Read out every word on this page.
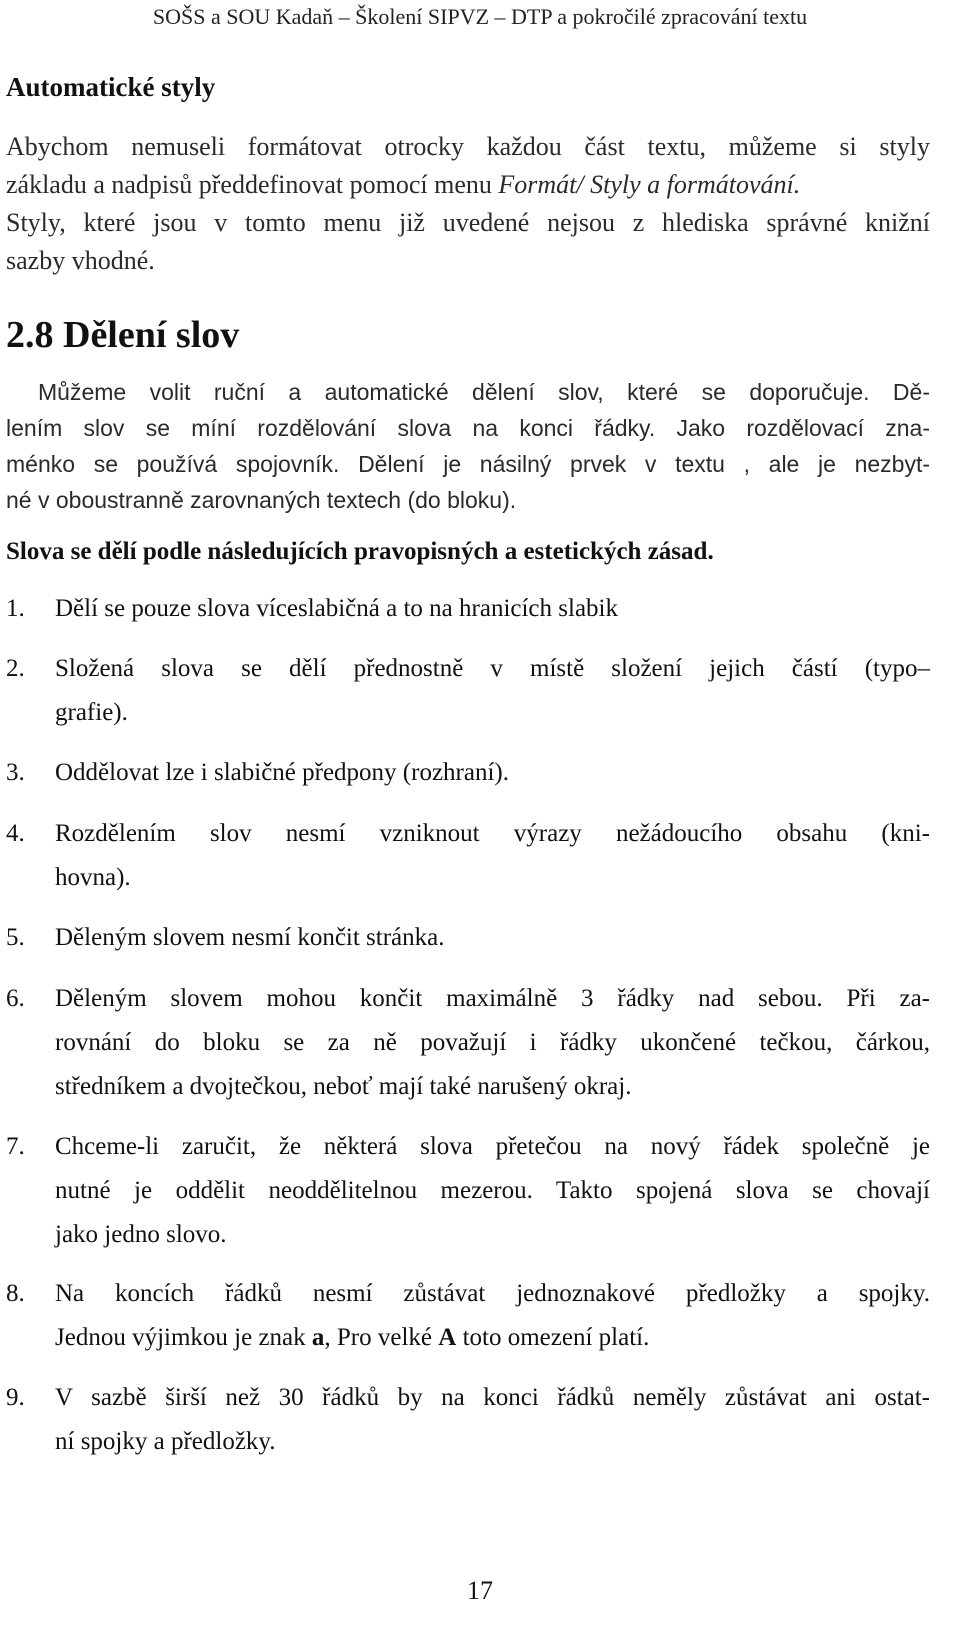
SOŠS a SOU Kadaň – Školení SIPVZ – DTP a pokročilé zpracování textu
Automatické styly
Abychom nemuseli formátovat otrocky každou část textu, můžeme si styly
základu a nadpisů předdefinovat pomocí menu Formát/ Styly a formátování.
Styly, které jsou v tomto menu již uvedené nejsou z hlediska správné knižní
sazby vhodné.
2.8 Dělení slov
Můžeme volit ruční a automatické dělení slov, které se doporučuje. Dě-
lením slov se míní rozdělování slova na konci řádky. Jako rozdělovací zna-
ménko se používá spojovník. Dělení je násilný prvek v textu , ale je nezbyt-
né v oboustranně zarovnaných textech (do bloku).
Slova se dělí podle následujících pravopisných a estetických zásad.
1.	Dělí se pouze slova víceslabičná a to na hranicích slabik
2.	Složená slova se dělí přednostně v místě složení jejich částí (typo–
grafie).
3.	Oddělovat lze i slabičné předpony (rozhraní).
4.	Rozdělením slov nesmí vzniknout výrazy nežádoucího obsahu (kni-
hovna).
5.	Děleným slovem nesmí končit stránka.
6.	Děleným slovem mohou končit maximálně 3 řádky nad sebou. Při za-
rovnání do bloku se za ně považují i řádky ukončené tečkou, čárkou,
středníkem a dvojtečkou, neboť mají také narušený okraj.
7.	Chceme-li zaručit, že některá slova přetečou na nový řádek společně je
nutné je oddělit neoddělitelnou mezerou. Takto spojená slova se chovají
jako jedno slovo.
8.	Na koncích řádků nesmí zůstávat jednoznakové předložky a spojky.
Jednou výjimkou je znak a, Pro velké A toto omezení platí.
9.	V sazbě širší než 30 řádků by na konci řádků neměly zůstávat ani ostat-
ní spojky a předložky.
17
